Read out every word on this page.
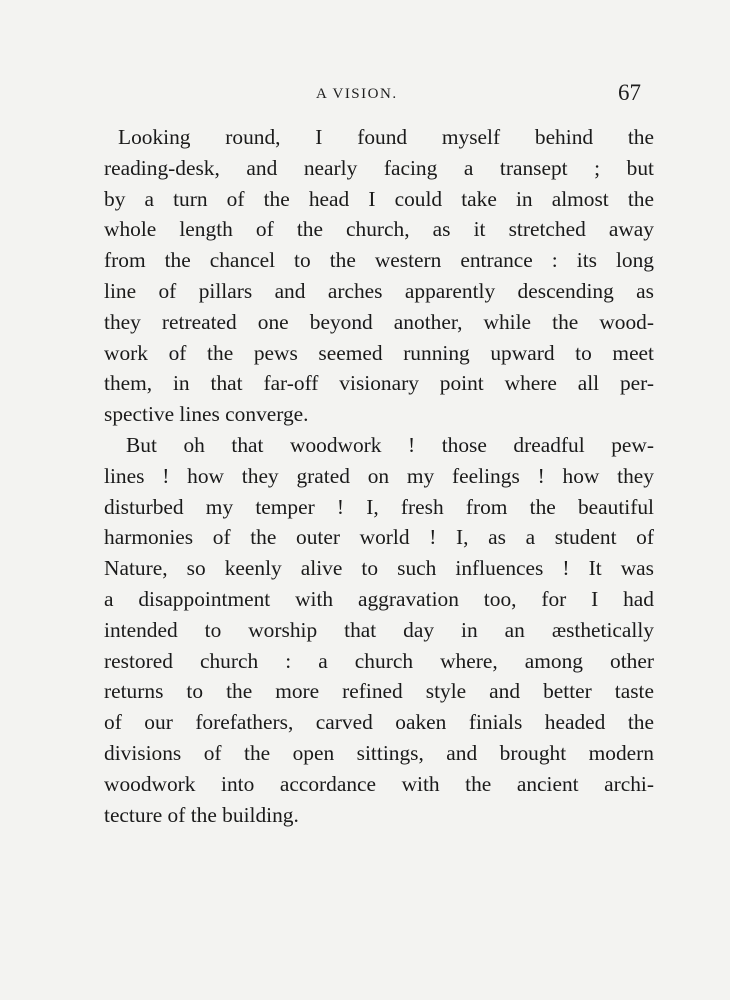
A VISION.	67
Looking round, I found myself behind the
reading-desk, and nearly facing a transept ; but
by a turn of the head I could take in almost the
whole length of the church, as it stretched away
from the chancel to the western entrance : its long
line of pillars and arches apparently descending as
they retreated one beyond another, while the wood-
work of the pews seemed running upward to meet
them, in that far-off visionary point where all per-
spective lines converge.
But oh that woodwork ! those dreadful pew-
lines ! how they grated on my feelings ! how they
disturbed my temper ! I, fresh from the beautiful
harmonies of the outer world ! I, as a student of
Nature, so keenly alive to such influences ! It was
a disappointment with aggravation too, for I had
intended to worship that day in an æsthetically
restored church : a church where, among other
returns to the more refined style and better taste
of our forefathers, carved oaken finials headed the
divisions of the open sittings, and brought modern
woodwork into accordance with the ancient archi-
tecture of the building.
